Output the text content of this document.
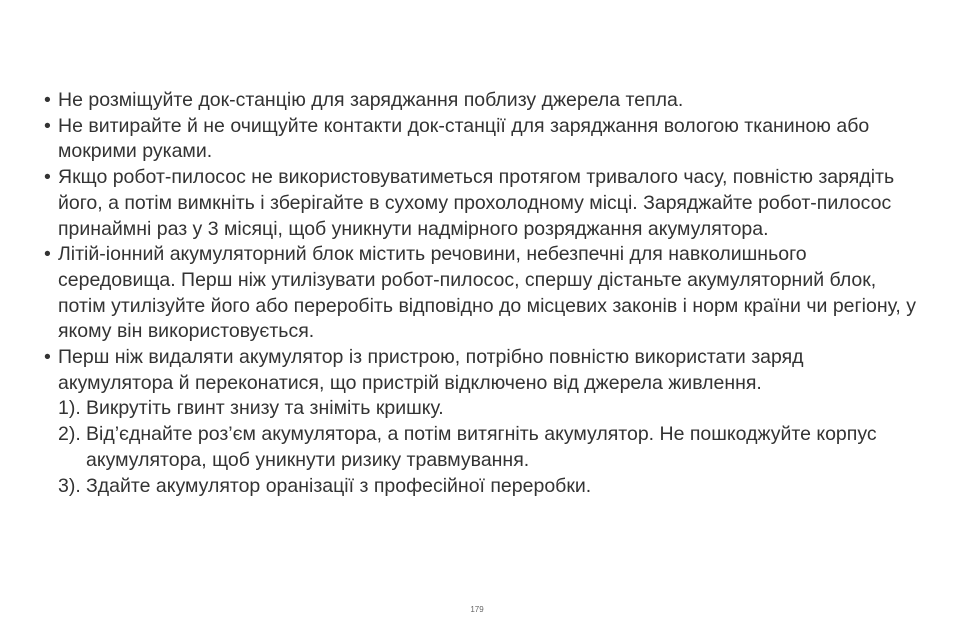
• Не розміщуйте док-станцію для заряджання поблизу джерела тепла.
• Не витирайте й не очищуйте контакти док-станції для заряджання вологою тканиною або мокрими руками.
• Якщо робот-пилосос не використовуватиметься протягом тривалого часу, повністю зарядіть його, а потім вимкніть і зберігайте в сухому прохолодному місці. Заряджайте робот-пилосос принаймні раз у 3 місяці, щоб уникнути надмірного розряджання акумулятора.
• Літій-іонний акумуляторний блок містить речовини, небезпечні для навколишнього середовища. Перш ніж утилізувати робот-пилосос, спершу дістаньте акумуляторний блок, потім утилізуйте його або переробіть відповідно до місцевих законів і норм країни чи регіону, у якому він використовується.
• Перш ніж видаляти акумулятор із пристрою, потрібно повністю використати заряд акумулятора й переконатися, що пристрій відключено від джерела живлення.
1). Викрутіть гвинт знизу та зніміть кришку.
2). Від’єднайте роз’єм акумулятора, а потім витягніть акумулятор. Не пошкоджуйте корпус акумулятора, щоб уникнути ризику травмування.
3). Здайте акумулятор оранізації з професійної переробки.
179
